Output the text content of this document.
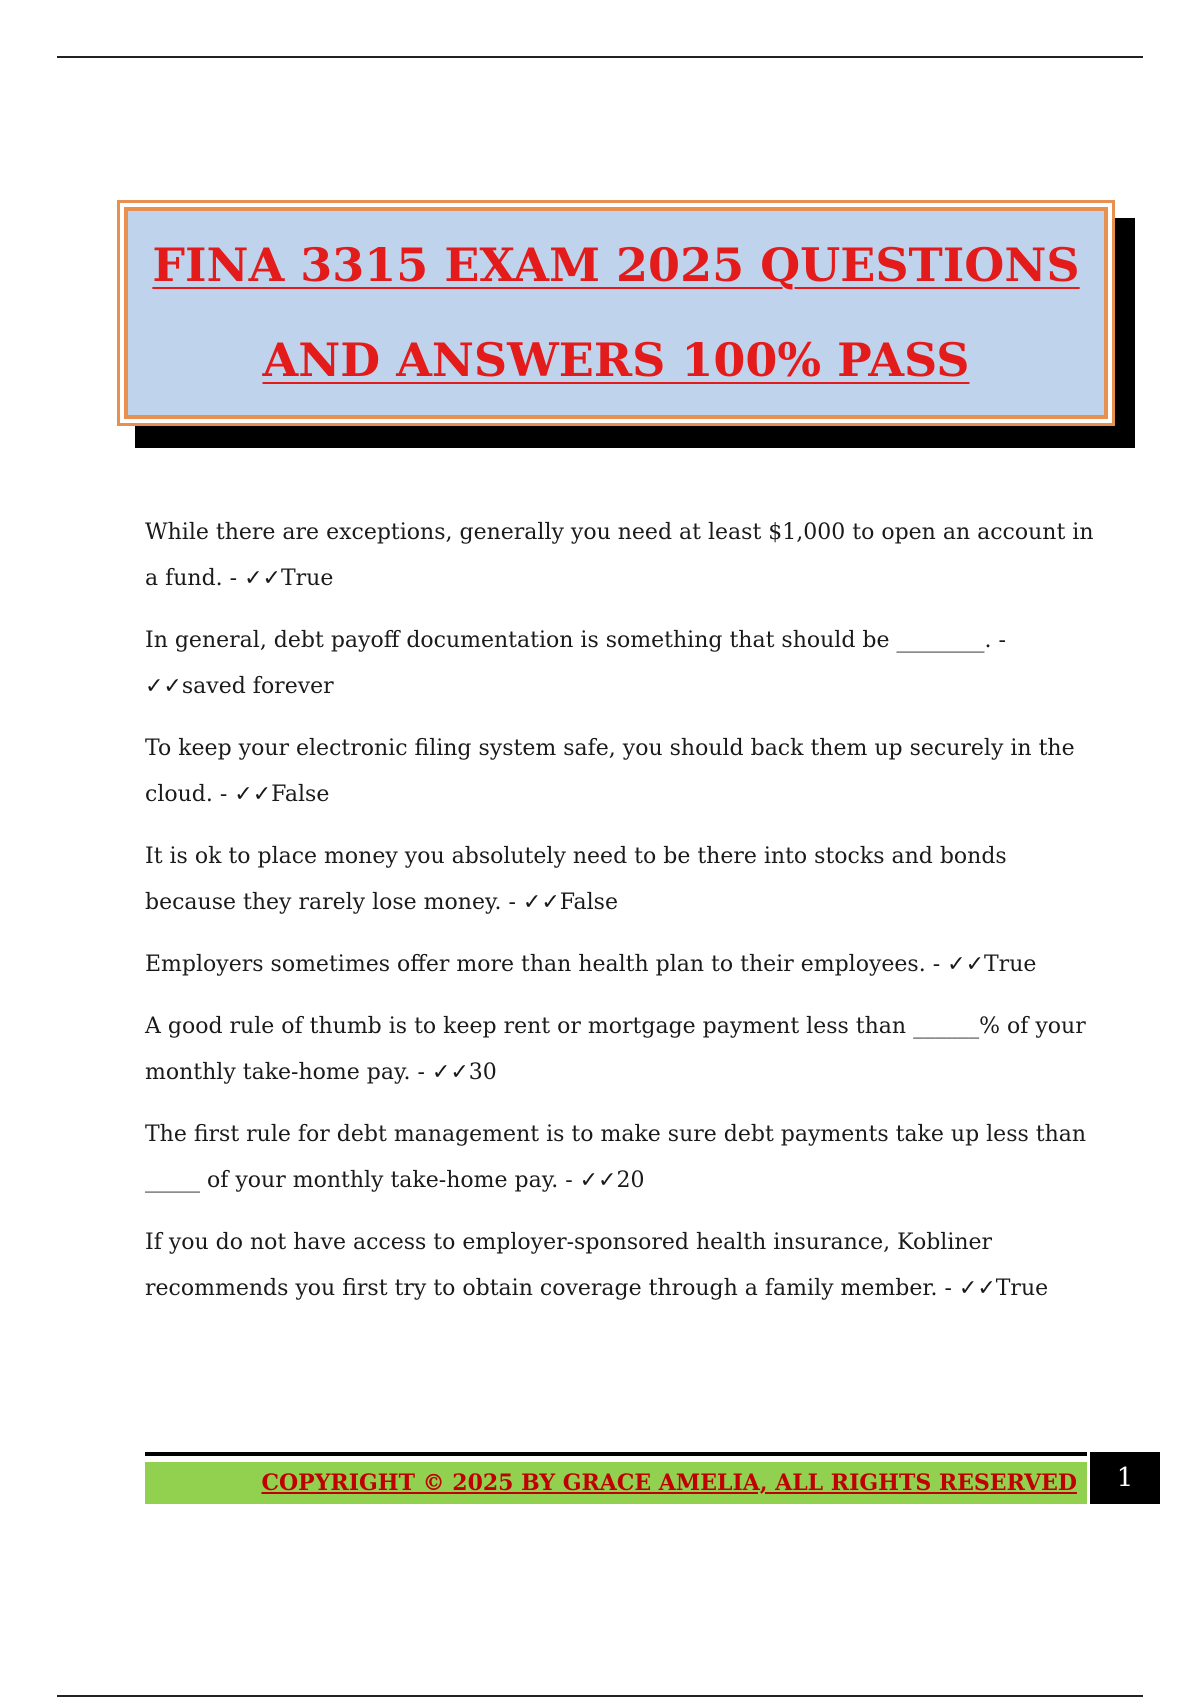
FINA 3315 EXAM 2025 QUESTIONS
AND ANSWERS 100% PASS

While there are exceptions, generally you need at least $1,000 to open an account in a fund. - ✓✓True

In general, debt payoff documentation is something that should be ________. - ✓✓saved forever

To keep your electronic filing system safe, you should back them up securely in the cloud. - ✓✓False

It is ok to place money you absolutely need to be there into stocks and bonds because they rarely lose money. - ✓✓False

Employers sometimes offer more than health plan to their employees. - ✓✓True

A good rule of thumb is to keep rent or mortgage payment less than ______% of your monthly take-home pay. - ✓✓30

The first rule for debt management is to make sure debt payments take up less than _____ of your monthly take-home pay. - ✓✓20

If you do not have access to employer-sponsored health insurance, Kobliner recommends you first try to obtain coverage through a family member. - ✓✓True

COPYRIGHT © 2025 BY GRACE AMELIA, ALL RIGHTS RESERVED	1
